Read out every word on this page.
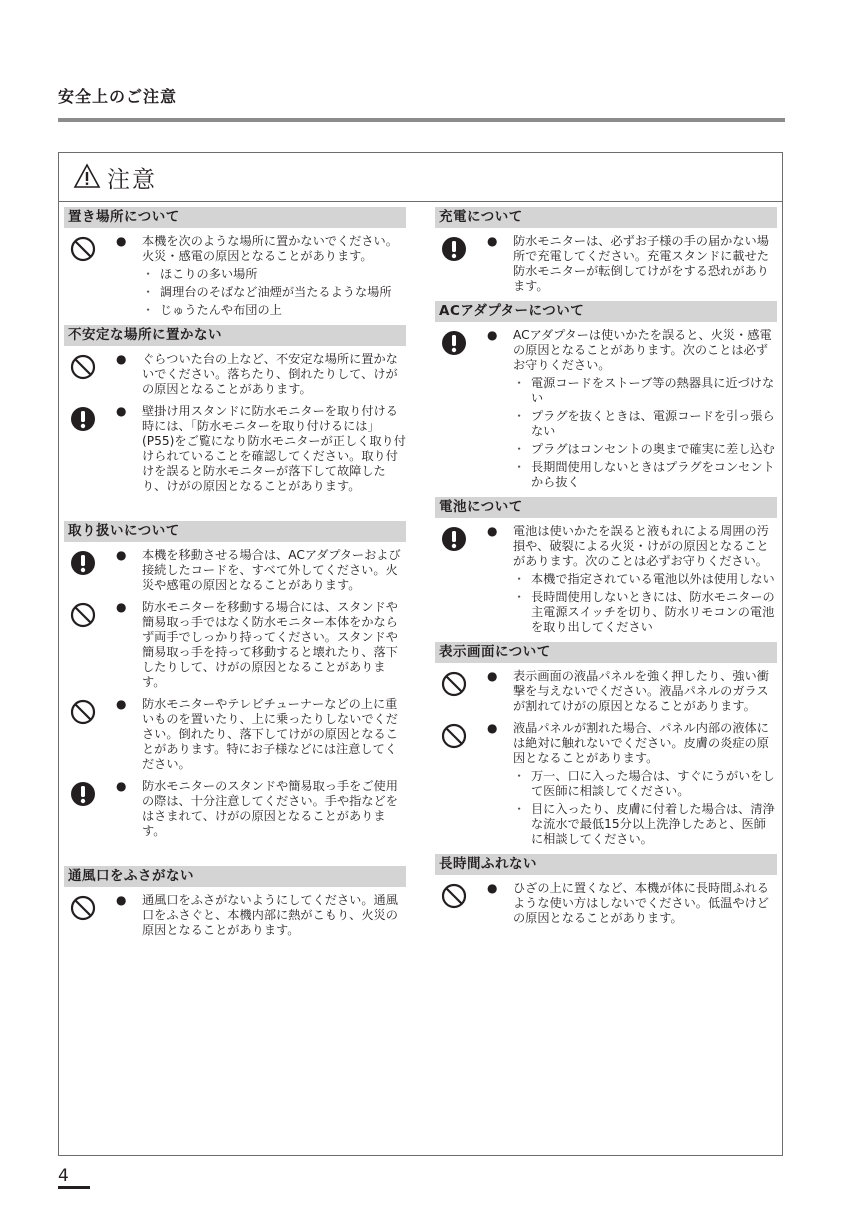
安全上のご注意
注意
置き場所について
● 本機を次のような場所に置かないでください。火災・感電の原因となることがあります。
・ ほこりの多い場所
・ 調理台のそばなど油煙が当たるような場所
・ じゅうたんや布団の上
不安定な場所に置かない
● ぐらついた台の上など、不安定な場所に置かないでください。落ちたり、倒れたりして、けがの原因となることがあります。
● 壁掛け用スタンドに防水モニターを取り付ける時には、「防水モニターを取り付けるには」(P55)をご覧になり防水モニターが正しく取り付けられていることを確認してください。取り付けを誤ると防水モニターが落下して故障したり、けがの原因となることがあります。
取り扱いについて
● 本機を移動させる場合は、ACアダプターおよび接続したコードを、すべて外してください。火災や感電の原因となることがあります。
● 防水モニターを移動する場合には、スタンドや簡易取っ手ではなく防水モニター本体をかならず両手でしっかり持ってください。スタンドや簡易取っ手を持って移動すると壊れたり、落下したりして、けがの原因となることがあります。
● 防水モニターやテレビチューナーなどの上に重いものを置いたり、上に乗ったりしないでください。倒れたり、落下してけがの原因となることがあります。特にお子様などには注意してください。
● 防水モニターのスタンドや簡易取っ手をご使用の際は、十分注意してください。手や指などをはさまれて、けがの原因となることがあります。
通風口をふさがない
● 通風口をふさがないようにしてください。通風口をふさぐと、本機内部に熱がこもり、火災の原因となることがあります。
充電について
● 防水モニターは、必ずお子様の手の届かない場所で充電してください。充電スタンドに載せた防水モニターが転倒してけがをする恐れがあります。
ACアダプターについて
● ACアダプターは使いかたを誤ると、火災・感電の原因となることがあります。次のことは必ずお守りください。
・ 電源コードをストーブ等の熱器具に近づけない
・ プラグを抜くときは、電源コードを引っ張らない
・ プラグはコンセントの奥まで確実に差し込む
・ 長期間使用しないときはプラグをコンセントから抜く
電池について
● 電池は使いかたを誤ると液もれによる周囲の汚損や、破裂による火災・けがの原因となることがあります。次のことは必ずお守りください。
・ 本機で指定されている電池以外は使用しない
・ 長時間使用しないときには、防水モニターの主電源スイッチを切り、防水リモコンの電池を取り出してください
表示画面について
● 表示画面の液晶パネルを強く押したり、強い衝撃を与えないでください。液晶パネルのガラスが割れてけがの原因となることがあります。
● 液晶パネルが割れた場合、パネル内部の液体には絶対に触れないでください。皮膚の炎症の原因となることがあります。
・ 万一、口に入った場合は、すぐにうがいをして医師に相談してください。
・ 目に入ったり、皮膚に付着した場合は、清浄な流水で最低15分以上洗浄したあと、医師に相談してください。
長時間ふれない
● ひざの上に置くなど、本機が体に長時間ふれるような使い方はしないでください。低温やけどの原因となることがあります。
4
